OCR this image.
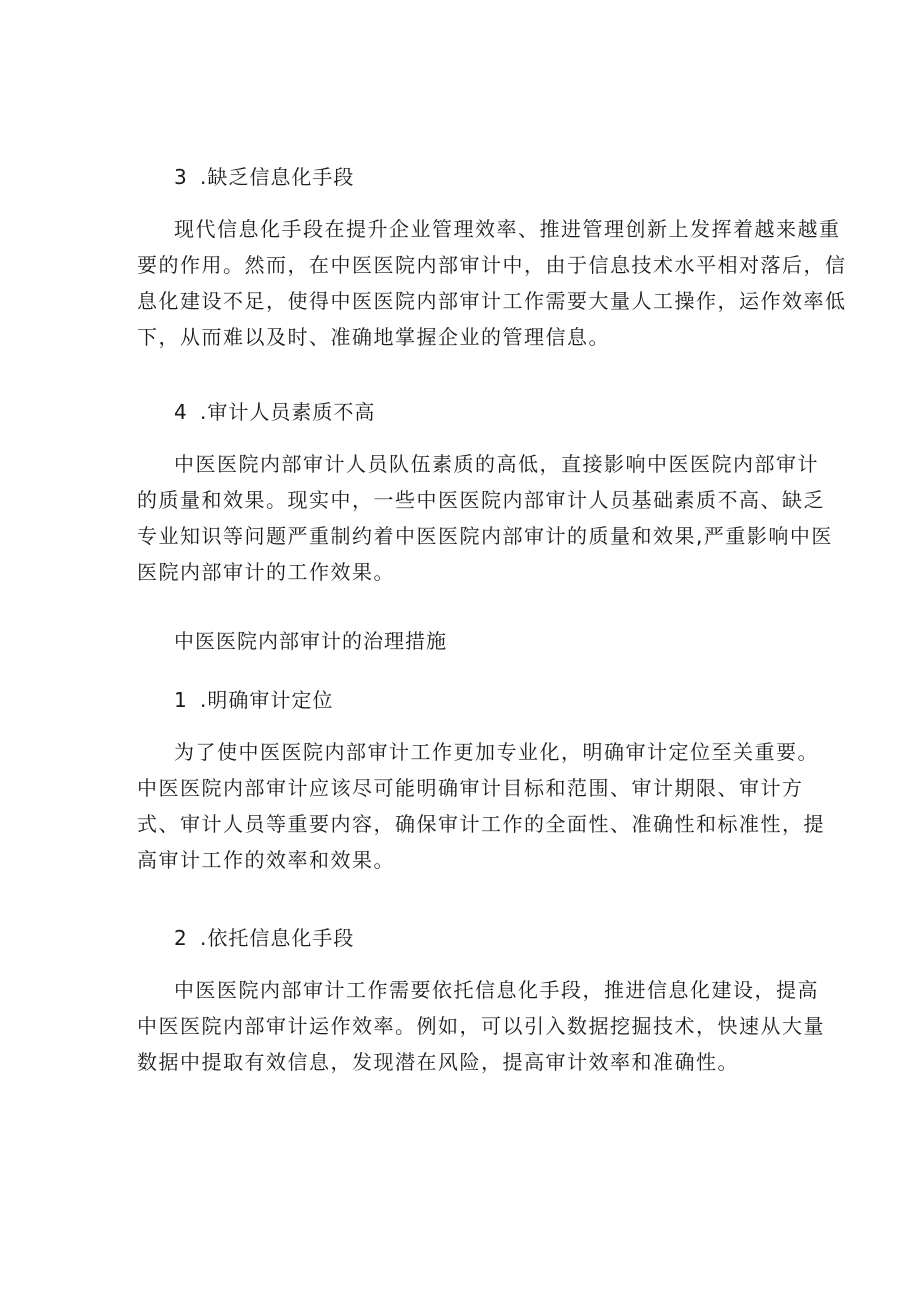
3 .缺乏信息化手段
现代信息化手段在提升企业管理效率、推进管理创新上发挥着越来越重
要的作用。然而，在中医医院内部审计中，由于信息技术水平相对落后，信
息化建设不足，使得中医医院内部审计工作需要大量人工操作，运作效率低
下，从而难以及时、准确地掌握企业的管理信息。
4 .审计人员素质不高
中医医院内部审计人员队伍素质的高低，直接影响中医医院内部审计
的质量和效果。现实中，一些中医医院内部审计人员基础素质不高、缺乏
专业知识等问题严重制约着中医医院内部审计的质量和效果,严重影响中医
医院内部审计的工作效果。
中医医院内部审计的治理措施
1 .明确审计定位
为了使中医医院内部审计工作更加专业化，明确审计定位至关重要。
中医医院内部审计应该尽可能明确审计目标和范围、审计期限、审计方
式、审计人员等重要内容，确保审计工作的全面性、准确性和标准性，提
高审计工作的效率和效果。
2 .依托信息化手段
中医医院内部审计工作需要依托信息化手段，推进信息化建设，提高
中医医院内部审计运作效率。例如，可以引入数据挖掘技术，快速从大量
数据中提取有效信息，发现潜在风险，提高审计效率和准确性。
